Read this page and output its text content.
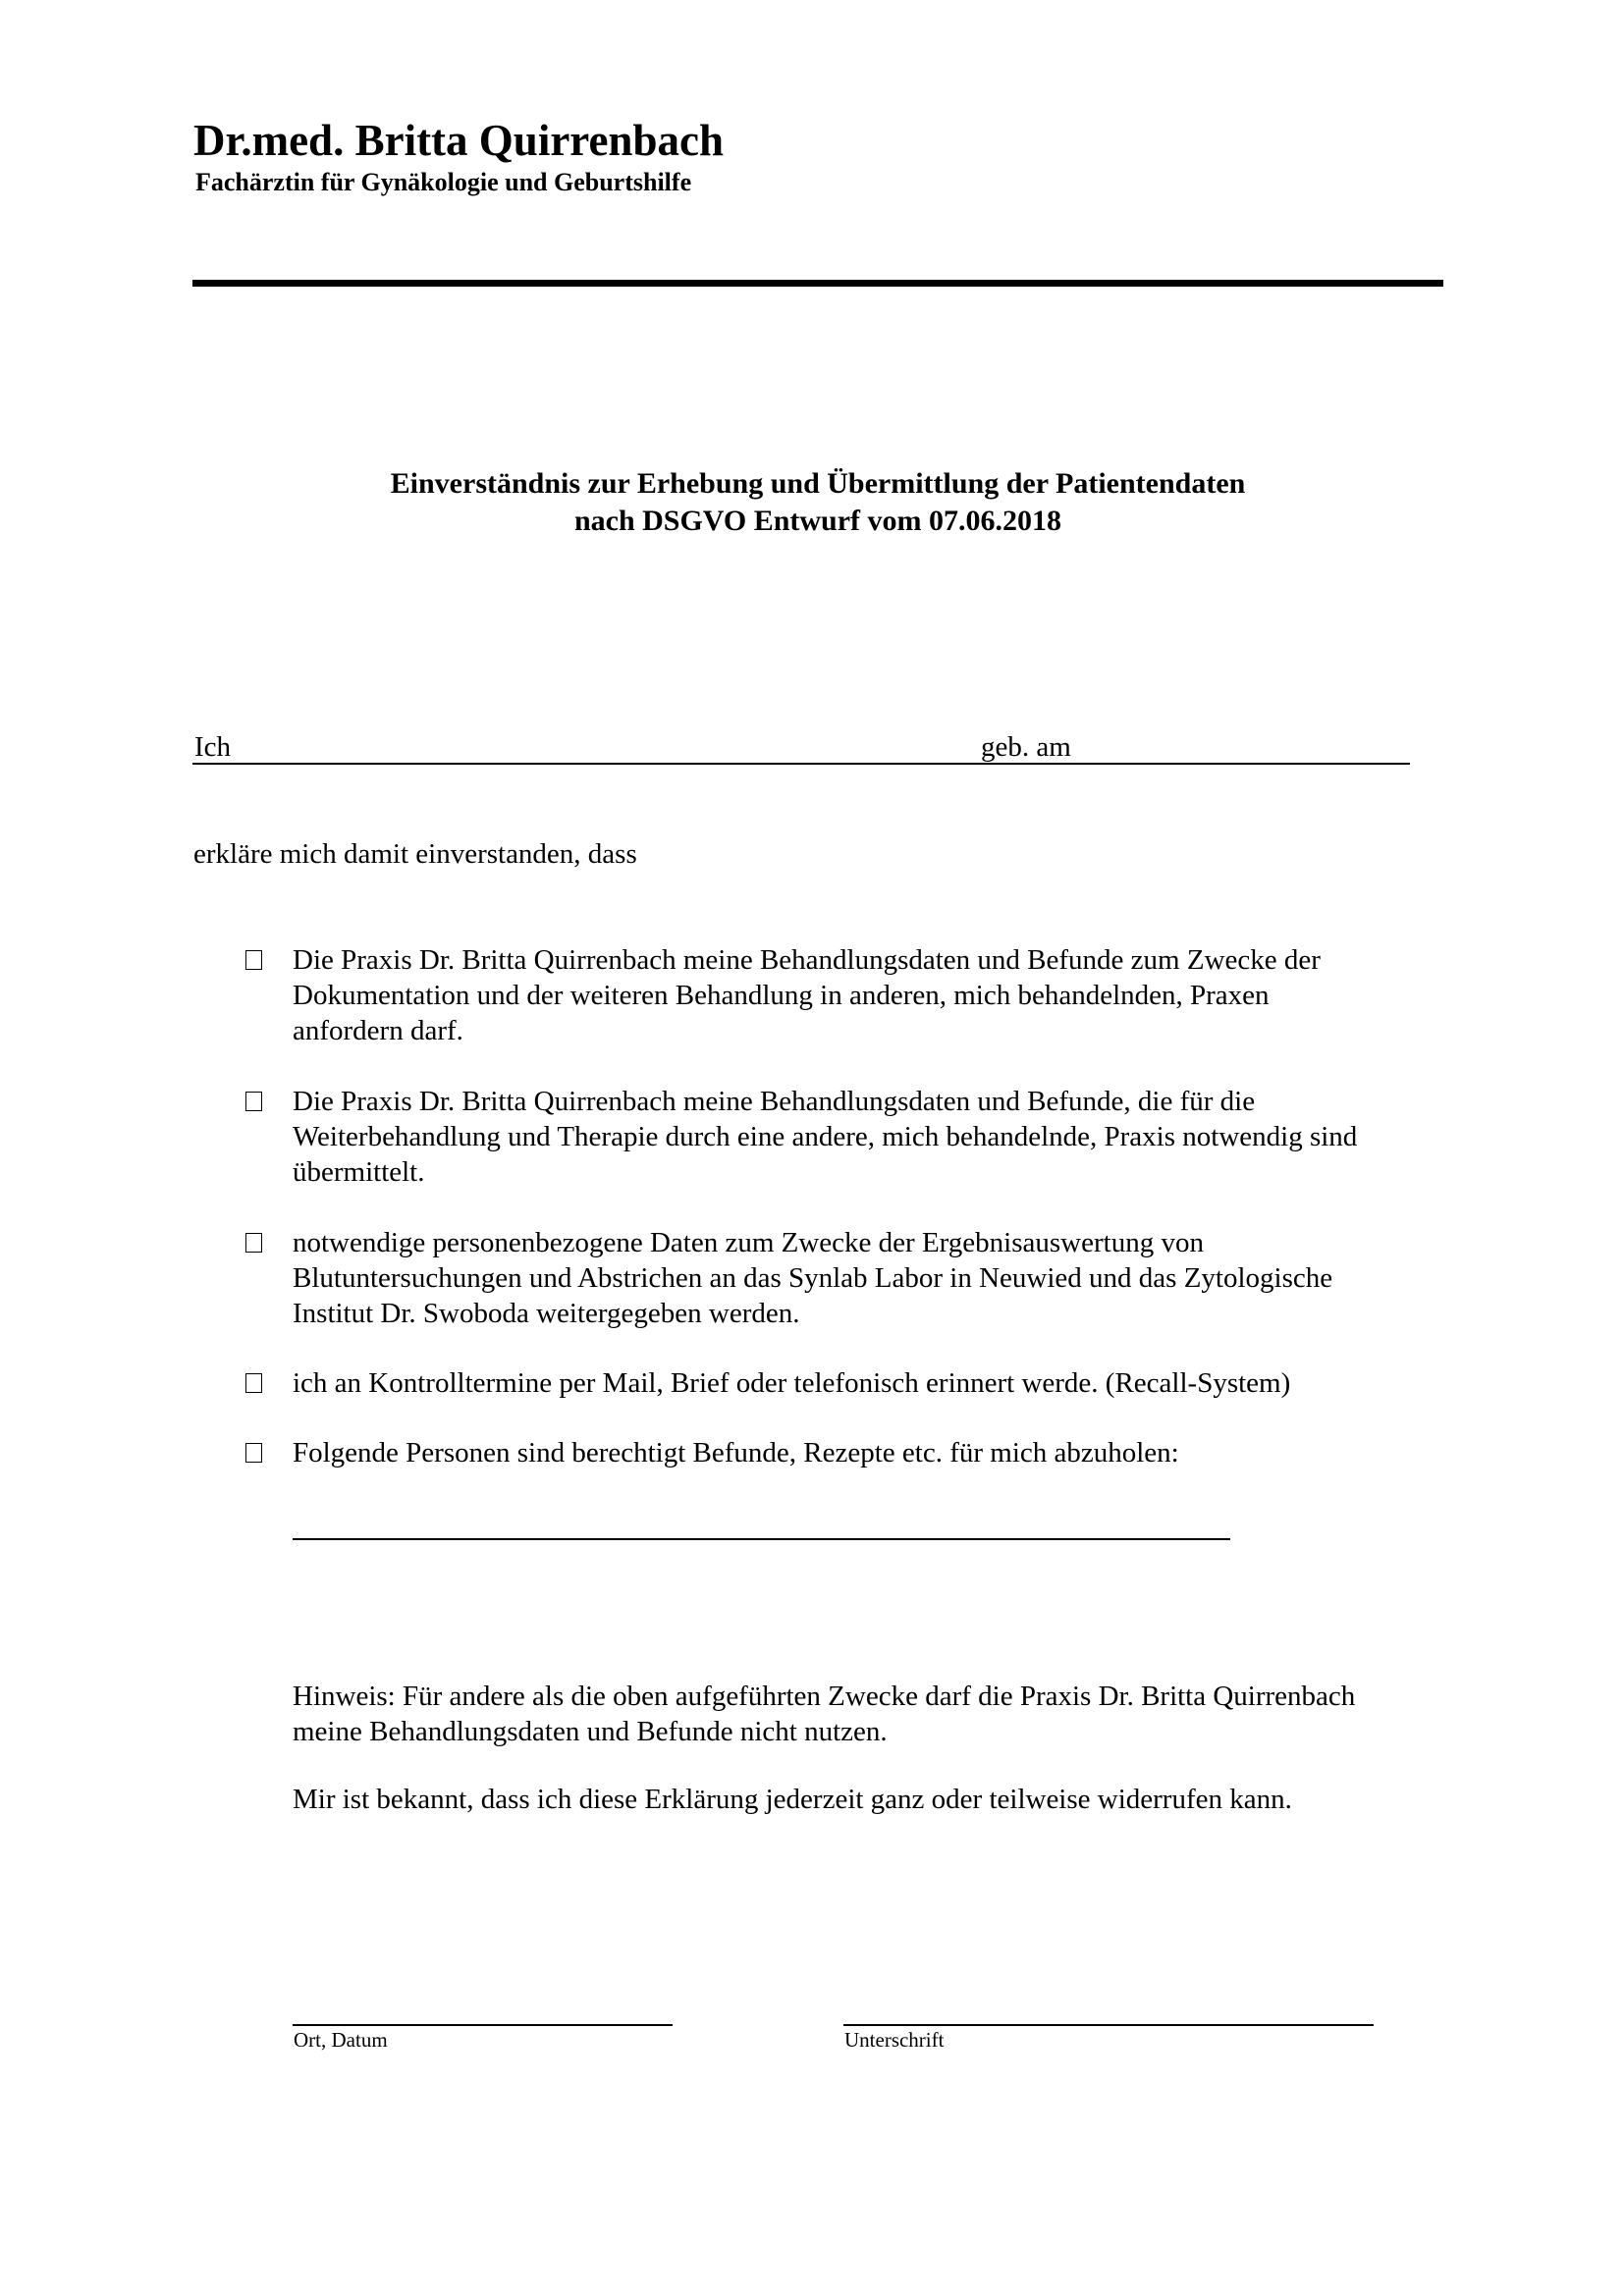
Dr.med. Britta Quirrenbach
Fachärztin für Gynäkologie und Geburtshilfe
Einverständnis zur Erhebung und Übermittlung der Patientendaten
nach DSGVO Entwurf vom 07.06.2018
Ich	geb. am
erkläre mich damit einverstanden, dass
Die Praxis Dr. Britta Quirrenbach meine Behandlungsdaten und Befunde zum Zwecke der
Dokumentation und der weiteren Behandlung in anderen, mich behandelnden, Praxen
anfordern darf.
Die Praxis Dr. Britta Quirrenbach meine Behandlungsdaten und Befunde, die für die
Weiterbehandlung und Therapie durch eine andere, mich behandelnde, Praxis notwendig sind
übermittelt.
notwendige personenbezogene Daten zum Zwecke der Ergebnisauswertung von
Blutuntersuchungen und Abstrichen an das Synlab Labor in Neuwied und das Zytologische
Institut Dr. Swoboda weitergegeben werden.
ich an Kontrolltermine per Mail, Brief oder telefonisch erinnert werde. (Recall-System)
Folgende Personen sind berechtigt Befunde, Rezepte etc. für mich abzuholen:
Hinweis: Für andere als die oben aufgeführten Zwecke darf die Praxis Dr. Britta Quirrenbach
meine Behandlungsdaten und Befunde nicht nutzen.
Mir ist bekannt, dass ich diese Erklärung jederzeit ganz oder teilweise widerrufen kann.
Ort, Datum	Unterschrift
